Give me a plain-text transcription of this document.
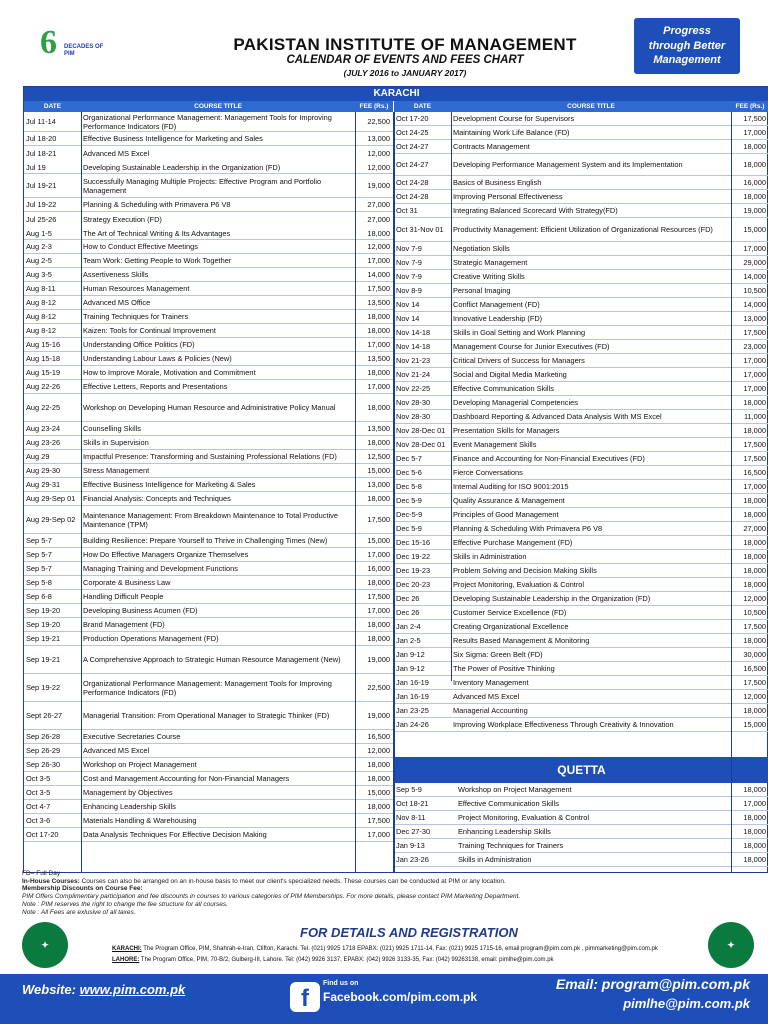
6	DECADES OF PIM	PAKISTAN INSTITUTE OF MANAGEMENT
CALENDAR OF EVENTS AND FEES CHART
(JULY 2016 to JANUARY 2017)
Progress
through Better
Management
KARACHI
DATE	COURSE TITLE	FEE (Rs.)	DATE	COURSE TITLE	FEE (Rs.)
Jul 11-14	Organizational Performance Management: Management Tools for Improving Performance Indicators (FD)	22,500
Jul 18-20	Effective Business Intelligence for Marketing and Sales	13,000
Jul 18-21	Advanced MS Excel	12,000
Jul 19	Developing Sustainable Leadership in the Organization (FD)	12,000
Jul 19-21	Successfully Managing Multiple Projects: Effective Program and Portfolio Management	19,000
Jul 19-22	Planning & Scheduling with Primavera P6 V8	27,000
Jul 25-26	Strategy Execution (FD)	27,000
Aug 1-5	The Art of Technical Writing & Its Advantages	18,000
Aug 2-3	How to Conduct Effective Meetings	12,000
Aug 2-5	Team Work: Getting People to Work Together	17,000
Aug 3-5	Assertiveness Skills	14,000
Aug 8-11	Human Resources Management	17,500
Aug 8-12	Advanced MS Office	13,500
Aug 8-12	Training Techniques for Trainers	18,000
Aug 8-12	Kaizen: Tools for Continual Improvement	18,000
Aug 15-16	Understanding Office Politics (FD)	17,000
Aug 15-18	Understanding Labour Laws & Policies (New)	13,500
Aug 15-19	How to Improve Morale, Motivation and Commitment	18,000
Aug 22-26	Effective Letters, Reports and Presentations	17,000
Aug 22-25	Workshop on Developing Human Resource and Administrative Policy Manual	18,000
Aug 23-24	Counselling Skills	13,500
Aug 23-26	Skills in Supervision	18,000
Aug 29	Impactful Presence: Transforming and Sustaining Professional Relations (FD)	12,500
Aug 29-30	Stress Management	15,000
Aug 29-31	Effective Business Intelligence for Marketing & Sales	13,000
Aug 29-Sep 01	Financial Analysis: Concepts and Techniques	18,000
Aug 29-Sep 02	Maintenance Management: From Breakdown Maintenance to Total Productive Maintenance (TPM)	17,500
Sep 5-7	Building Resilience: Prepare Yourself to Thrive in Challenging Times (New)	15,000
Sep 5-7	How Do Effective Managers Organize Themselves	17,000
Sep 5-7	Managing Training and Development Functions	16,000
Sep 5-8	Corporate & Business Law	18,000
Sep 6-8	Handling Difficult People	17,500
Sep 19-20	Developing Business Acumen (FD)	17,000
Sep 19-20	Brand Management (FD)	18,000
Sep 19-21	Production Operations Management (FD)	18,000
Sep 19-21	A Comprehensive Approach to Strategic Human Resource Management (New)	19,000
Sep 19-22	Organizational Performance Management: Management Tools for Improving Performance Indicators (FD)	22,500
Sept 26-27	Managerial Transition: From Operational Manager to Strategic Thinker (FD)	19,000
Sep 26-28	Executive Secretaries Course	16,500
Sep 26-29	Advanced MS Excel	12,000
Sep 26-30	Workshop on Project Management	18,000
Oct 3-5	Cost and Management Accounting for Non-Financial Managers	18,000
Oct 3-5	Management by Objectives	15,000
Oct 4-7	Enhancing Leadership Skills	18,000
Oct 3-6	Materials Handling & Warehousing	17,500
Oct 17-20	Data Analysis Techniques For Effective Decision Making	17,000
Oct 17-20	Development Course for Supervisors	17,500
Oct 24-25	Maintaining Work Life Balance (FD)	17,000
Oct 24-27	Contracts Management	18,000
Oct 24-27	Developing Performance Management System and its Implementation	18,000
Oct 24-28	Basics of Business English	16,000
Oct 24-28	Improving Personal Effectiveness	18,000
Oct 31	Integrating Balanced Scorecard With Strategy(FD)	19,000
Oct 31-Nov 01	Productivity Management: Efficient Utilization of Organizational Resources (FD)	15,000
Nov 7-9	Negotiation Skills	17,000
Nov 7-9	Strategic Management	29,000
Nov 7-9	Creative Writing Skills	14,000
Nov 8-9	Personal Imaging	10,500
Nov 14	Conflict Management (FD)	14,000
Nov 14	Innovative Leadership (FD)	13,000
Nov 14-18	Skills in Goal Setting and Work Planning	17,500
Nov 14-18	Management Course for Junior Executives (FD)	23,000
Nov 21-23	Critical Drivers of Success for Managers	17,000
Nov 21-24	Social and Digital Media Marketing	17,000
Nov 22-25	Effective Communication Skills	17,000
Nov 28-30	Developing Managerial Competencies	18,000
Nov 28-30	Dashboard Reporting & Advanced Data Analysis With MS Excel	11,000
Nov 28-Dec 01	Presentation Skills for Managers	18,000
Nov 28-Dec 01	Event Management Skills	17,500
Dec 5-7	Finance and Accounting for Non-Financial Executives (FD)	17,500
Dec 5-6	Fierce Conversations	16,500
Dec 5-8	Internal Auditing for ISO 9001:2015	17,000
Dec 5-9	Quality Assurance & Management	18,000
Dec-5-9	Principles of Good Management	18,000
Dec 5-9	Planning & Scheduling With Primavera P6 V8	27,000
Dec 15-16	Effective Purchase Mangement (FD)	18,000
Dec 19-22	Skills in Administration	18,000
Dec 19-23	Problem Solving and Decision Making Skills	18,000
Dec 20-23	Project Monitoring, Evaluation & Control	18,000
Dec 26	Developing Sustainable Leadership in the Organization (FD)	12,000
Dec 26	Customer Service Excellence (FD)	10,500
Jan 2-4	Creating Organizational Excellence	17,500
Jan 2-5	Results Based Management & Monitoring	18,000
Jan 9-12	Six Sigma: Green Belt (FD)	30,000
Jan 9-12	The Power of Positive Thinking	16,500
Jan 16-19	Inventory Management	17,500
Jan 16-19	Advanced MS Excel	12,000
Jan 23-25	Managerial Accounting	18,000
Jan 24-26	Improving Workplace Effectiveness Through Creativity & Innovation	15,000
QUETTA
Sep 5-9	Workshop on Project Management	18,000
Oct 18-21	Effective Communication Skills	17,000
Nov 8-11	Project Monitoring, Evaluation & Control	18,000
Dec 27-30	Enhancing Leadership Skills	18,000
Jan 9-13	Training Techniques for Trainers	18,000
Jan 23-26	Skills in Administration	18,000
FD= Full Day
In-House Courses: Courses can also be arranged on an in-house basis to meet our client's specialized needs. These courses can be conducted at PIM or any location.
Membership Discounts on Course Fee:
PIM Offers Complimentary participation and fee discounts in courses to various categories of PIM Memberships. For more details, please contact PIM Marketing Department.
Note : PIM reserves the right to change the fee structure for all courses.
Note : All Fees are exlusive of all taxes.
✦
FOR DETAILS AND REGISTRATION
KARACHI: The Program Office, PIM, Shahrah-e-Iran, Clifton, Karachi. Tel. (021) 9925 1718 EPABX: (021) 9925 1711-14, Fax: (021) 9925 1715-16, email:program@pim.com.pk , pimmarketing@pim.com.pk
LAHORE: The Program Office, PIM, 70-B/2, Gulberg-III, Lahore. Tel: (042) 9926 3137, EPABX: (042) 9926 3133-35, Fax: (042) 99263138, email: pimlhe@pim.com.pk
✦
Website: www.pim.com.pk	f
Find us on
Facebook.com/pim.com.pk
Email: program@pim.com.pk
pimlhe@pim.com.pk
